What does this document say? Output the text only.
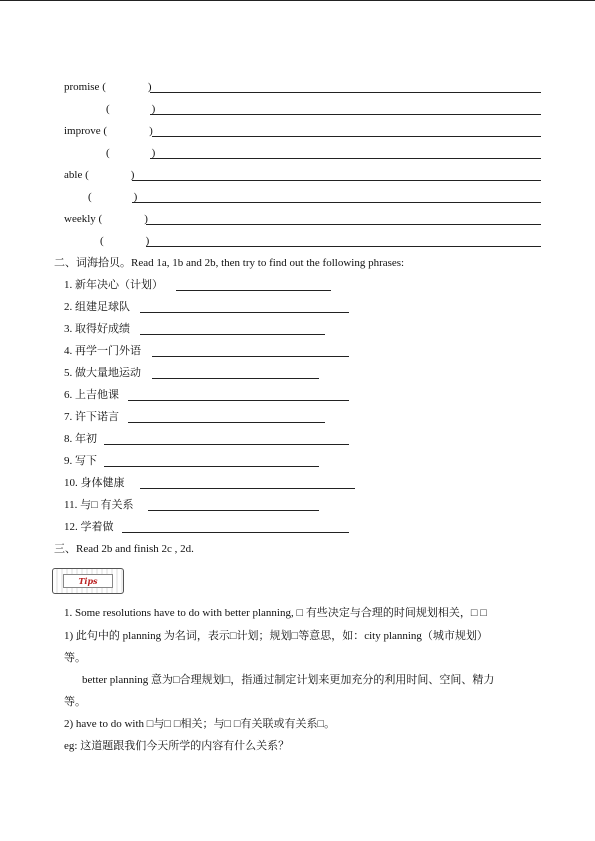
promise (	)
(	)
improve (	)
(	)
able (	)
(	)
weekly (	)
(	)
二、词海拾贝。Read 1a, 1b and 2b, then try to find out the following phrases:
1. 新年决心（计划）
2. 组建足球队
3. 取得好成绩
4. 再学一门外语
5. 做大量地运动
6. 上吉他课
7. 许下诺言
8. 年初
9. 写下
10. 身体健康
11. 与□ 有关系
12. 学着做
三、Read 2b and finish 2c , 2d.
Tips
1. Some resolutions have to do with better planning, □ 有些决定与合理的时间规划相关，□ □
1) 此句中的 planning 为名词，表示□计划；规划□等意思，如：city planning（城市规划）
等。
better planning 意为□合理规划□，指通过制定计划来更加充分的利用时间、空间、精力
等。
2) have to do with □与□ □相关；与□ □有关联或有关系□。
eg: 这道题跟我们今天所学的内容有什么关系？
